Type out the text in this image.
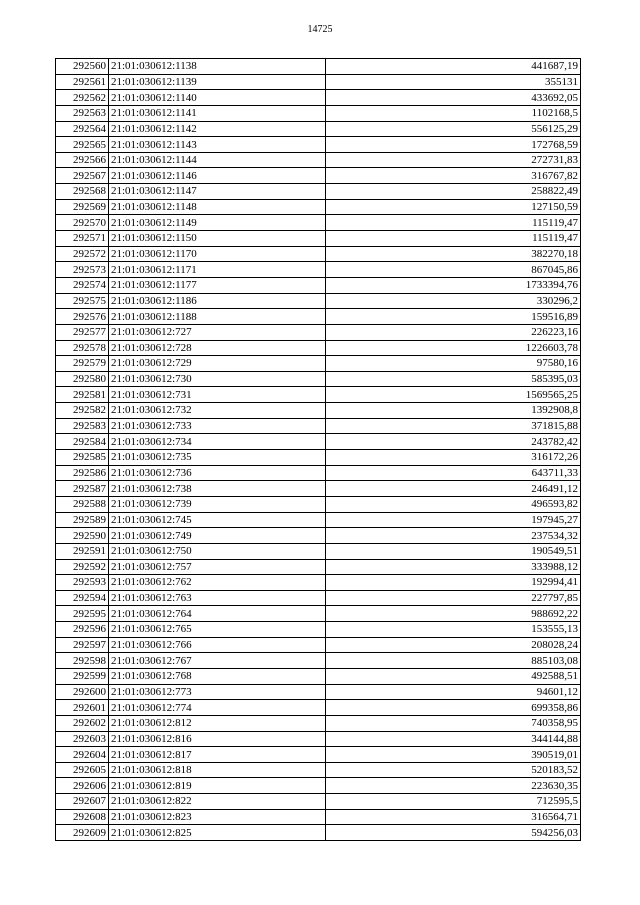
14725
292560	21:01:030612:1138	441687,19
292561	21:01:030612:1139	355131
292562	21:01:030612:1140	433692,05
292563	21:01:030612:1141	1102168,5
292564	21:01:030612:1142	556125,29
292565	21:01:030612:1143	172768,59
292566	21:01:030612:1144	272731,83
292567	21:01:030612:1146	316767,82
292568	21:01:030612:1147	258822,49
292569	21:01:030612:1148	127150,59
292570	21:01:030612:1149	115119,47
292571	21:01:030612:1150	115119,47
292572	21:01:030612:1170	382270,18
292573	21:01:030612:1171	867045,86
292574	21:01:030612:1177	1733394,76
292575	21:01:030612:1186	330296,2
292576	21:01:030612:1188	159516,89
292577	21:01:030612:727	226223,16
292578	21:01:030612:728	1226603,78
292579	21:01:030612:729	97580,16
292580	21:01:030612:730	585395,03
292581	21:01:030612:731	1569565,25
292582	21:01:030612:732	1392908,8
292583	21:01:030612:733	371815,88
292584	21:01:030612:734	243782,42
292585	21:01:030612:735	316172,26
292586	21:01:030612:736	643711,33
292587	21:01:030612:738	246491,12
292588	21:01:030612:739	496593,82
292589	21:01:030612:745	197945,27
292590	21:01:030612:749	237534,32
292591	21:01:030612:750	190549,51
292592	21:01:030612:757	333988,12
292593	21:01:030612:762	192994,41
292594	21:01:030612:763	227797,85
292595	21:01:030612:764	988692,22
292596	21:01:030612:765	153555,13
292597	21:01:030612:766	208028,24
292598	21:01:030612:767	885103,08
292599	21:01:030612:768	492588,51
292600	21:01:030612:773	94601,12
292601	21:01:030612:774	699358,86
292602	21:01:030612:812	740358,95
292603	21:01:030612:816	344144,88
292604	21:01:030612:817	390519,01
292605	21:01:030612:818	520183,52
292606	21:01:030612:819	223630,35
292607	21:01:030612:822	712595,5
292608	21:01:030612:823	316564,71
292609	21:01:030612:825	594256,03
